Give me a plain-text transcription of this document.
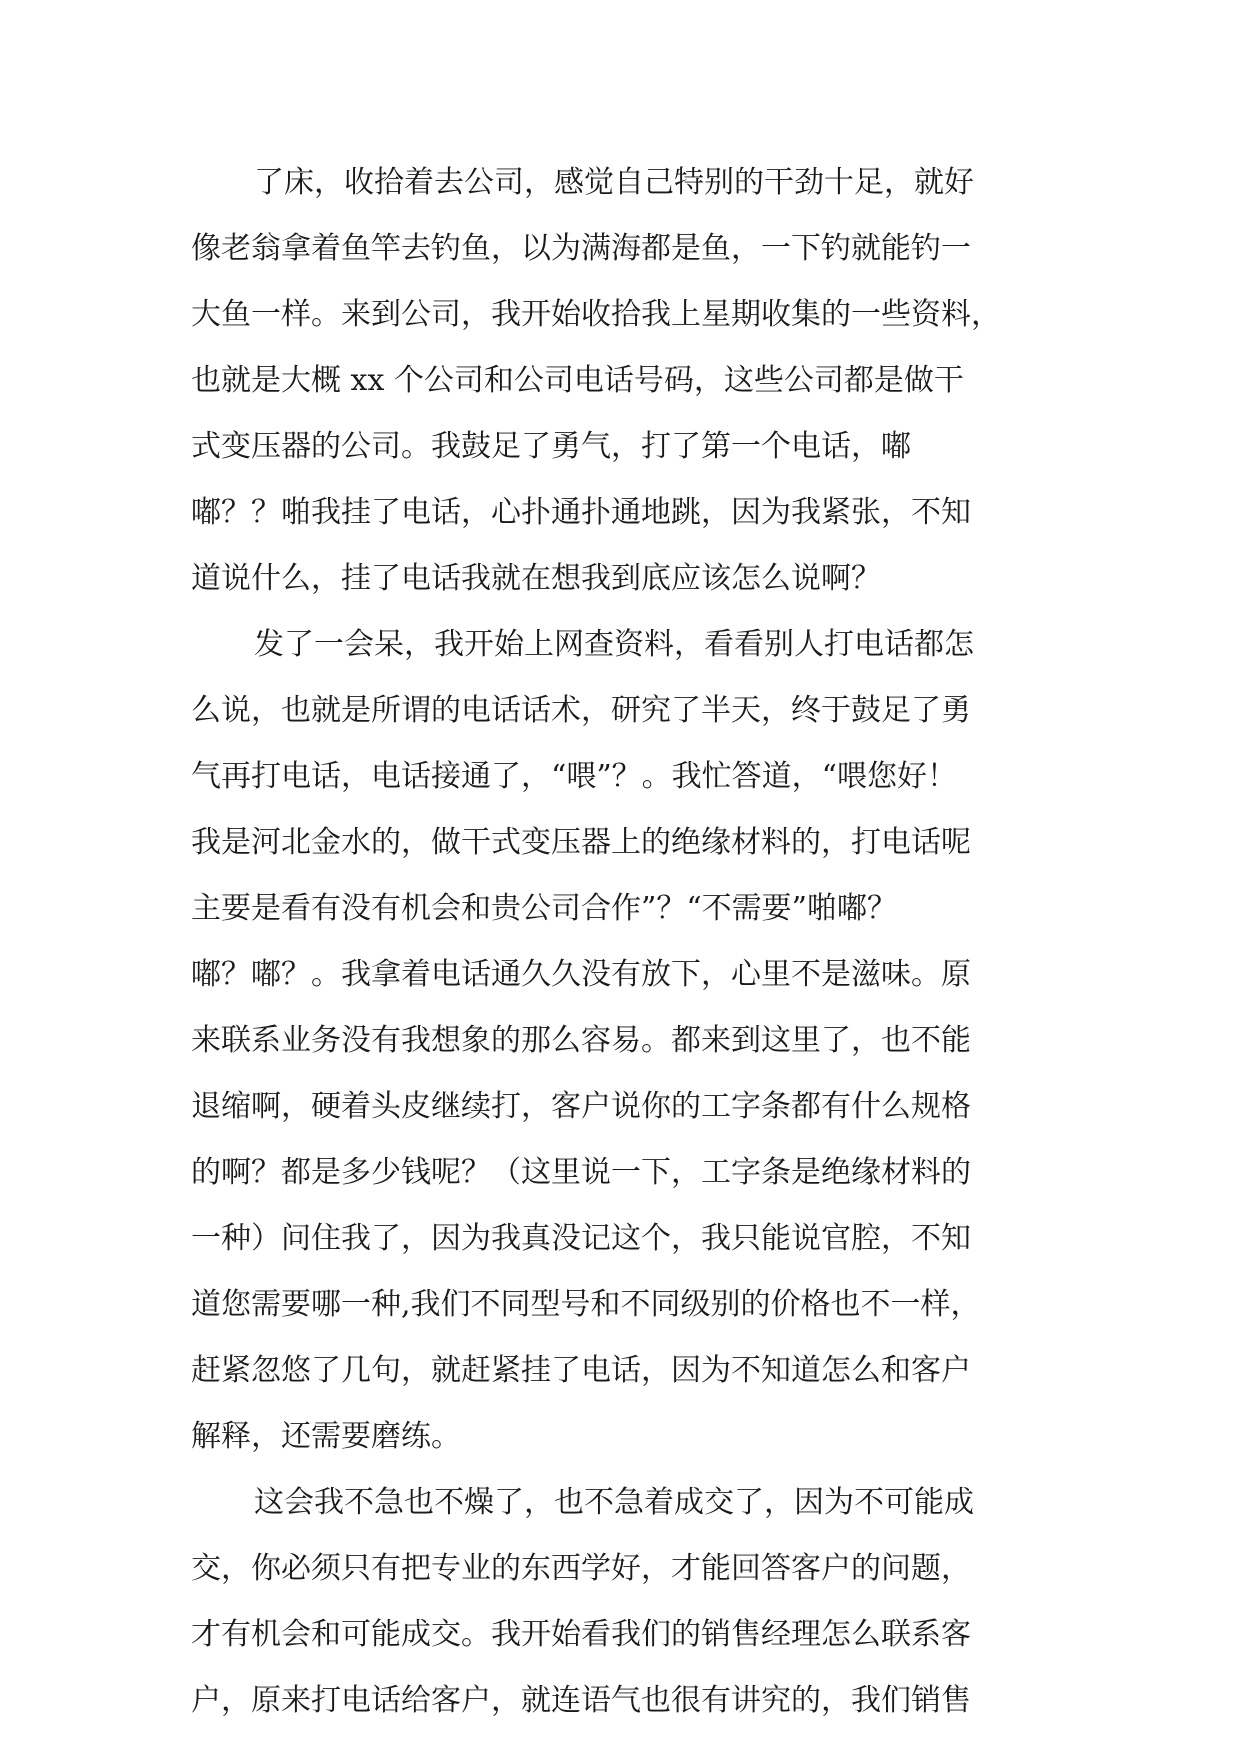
了床，收拾着去公司，感觉自己特别的干劲十足，就好
像老翁拿着鱼竿去钓鱼，以为满海都是鱼，一下钓就能钓一
大鱼一样。来到公司，我开始收拾我上星期收集的一些资料，
也就是大概 xx 个公司和公司电话号码，这些公司都是做干
式变压器的公司。我鼓足了勇气，打了第一个电话，嘟
嘟？？啪我挂了电话，心扑通扑通地跳，因为我紧张，不知
道说什么，挂了电话我就在想我到底应该怎么说啊？
发了一会呆，我开始上网查资料，看看别人打电话都怎
么说，也就是所谓的电话话术，研究了半天，终于鼓足了勇
气再打电话，电话接通了，“喂”？。我忙答道，“喂您好！
我是河北金水的，做干式变压器上的绝缘材料的，打电话呢
主要是看有没有机会和贵公司合作”？“不需要”啪嘟？
嘟？嘟？。我拿着电话通久久没有放下，心里不是滋味。原
来联系业务没有我想象的那么容易。都来到这里了，也不能
退缩啊，硬着头皮继续打，客户说你的工字条都有什么规格
的啊？都是多少钱呢？（这里说一下，工字条是绝缘材料的
一种）问住我了，因为我真没记这个，我只能说官腔，不知
道您需要哪一种,我们不同型号和不同级别的价格也不一样，
赶紧忽悠了几句，就赶紧挂了电话，因为不知道怎么和客户
解释，还需要磨练。
这会我不急也不燥了，也不急着成交了，因为不可能成
交，你必须只有把专业的东西学好，才能回答客户的问题，
才有机会和可能成交。我开始看我们的销售经理怎么联系客
户，原来打电话给客户，就连语气也很有讲究的，我们销售
